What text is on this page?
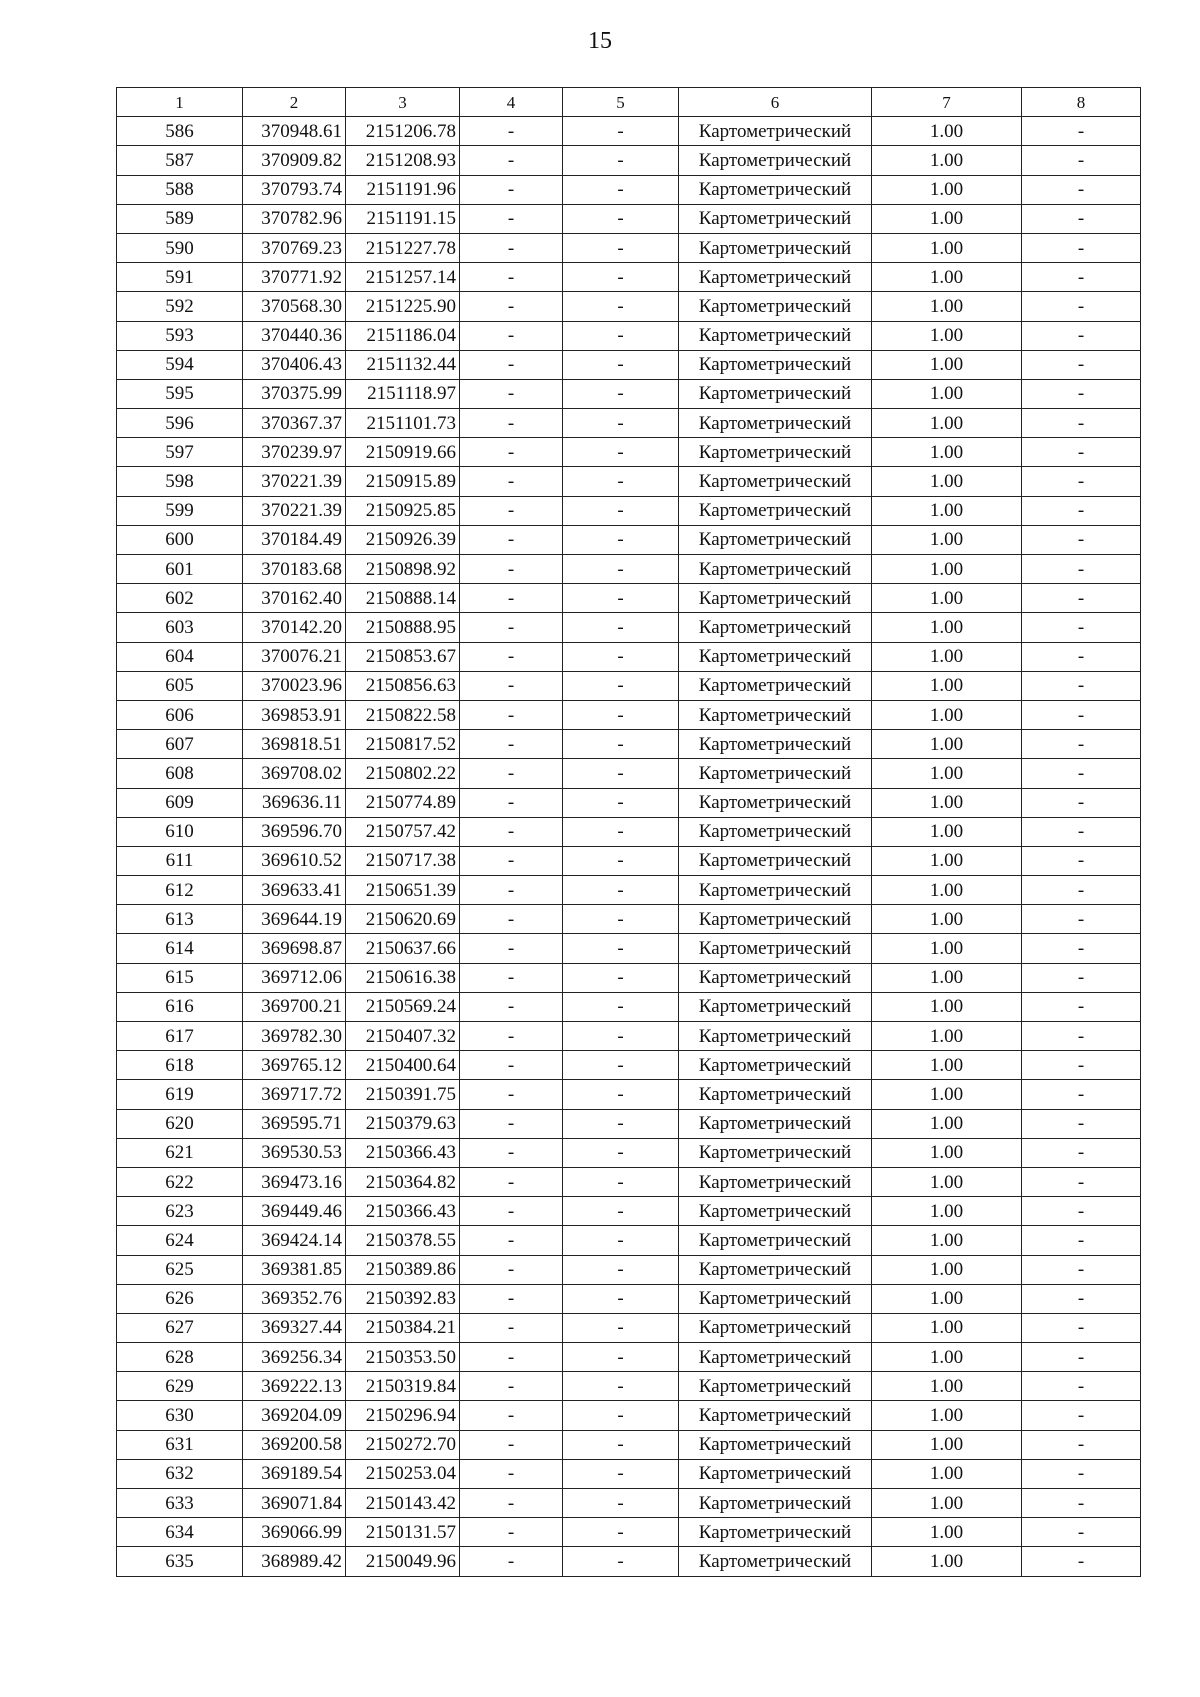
15
1	2	3	4	5	6	7	8
586	370948.61	2151206.78	-	-	Картометрический	1.00	-
587	370909.82	2151208.93	-	-	Картометрический	1.00	-
588	370793.74	2151191.96	-	-	Картометрический	1.00	-
589	370782.96	2151191.15	-	-	Картометрический	1.00	-
590	370769.23	2151227.78	-	-	Картометрический	1.00	-
591	370771.92	2151257.14	-	-	Картометрический	1.00	-
592	370568.30	2151225.90	-	-	Картометрический	1.00	-
593	370440.36	2151186.04	-	-	Картометрический	1.00	-
594	370406.43	2151132.44	-	-	Картометрический	1.00	-
595	370375.99	2151118.97	-	-	Картометрический	1.00	-
596	370367.37	2151101.73	-	-	Картометрический	1.00	-
597	370239.97	2150919.66	-	-	Картометрический	1.00	-
598	370221.39	2150915.89	-	-	Картометрический	1.00	-
599	370221.39	2150925.85	-	-	Картометрический	1.00	-
600	370184.49	2150926.39	-	-	Картометрический	1.00	-
601	370183.68	2150898.92	-	-	Картометрический	1.00	-
602	370162.40	2150888.14	-	-	Картометрический	1.00	-
603	370142.20	2150888.95	-	-	Картометрический	1.00	-
604	370076.21	2150853.67	-	-	Картометрический	1.00	-
605	370023.96	2150856.63	-	-	Картометрический	1.00	-
606	369853.91	2150822.58	-	-	Картометрический	1.00	-
607	369818.51	2150817.52	-	-	Картометрический	1.00	-
608	369708.02	2150802.22	-	-	Картометрический	1.00	-
609	369636.11	2150774.89	-	-	Картометрический	1.00	-
610	369596.70	2150757.42	-	-	Картометрический	1.00	-
611	369610.52	2150717.38	-	-	Картометрический	1.00	-
612	369633.41	2150651.39	-	-	Картометрический	1.00	-
613	369644.19	2150620.69	-	-	Картометрический	1.00	-
614	369698.87	2150637.66	-	-	Картометрический	1.00	-
615	369712.06	2150616.38	-	-	Картометрический	1.00	-
616	369700.21	2150569.24	-	-	Картометрический	1.00	-
617	369782.30	2150407.32	-	-	Картометрический	1.00	-
618	369765.12	2150400.64	-	-	Картометрический	1.00	-
619	369717.72	2150391.75	-	-	Картометрический	1.00	-
620	369595.71	2150379.63	-	-	Картометрический	1.00	-
621	369530.53	2150366.43	-	-	Картометрический	1.00	-
622	369473.16	2150364.82	-	-	Картометрический	1.00	-
623	369449.46	2150366.43	-	-	Картометрический	1.00	-
624	369424.14	2150378.55	-	-	Картометрический	1.00	-
625	369381.85	2150389.86	-	-	Картометрический	1.00	-
626	369352.76	2150392.83	-	-	Картометрический	1.00	-
627	369327.44	2150384.21	-	-	Картометрический	1.00	-
628	369256.34	2150353.50	-	-	Картометрический	1.00	-
629	369222.13	2150319.84	-	-	Картометрический	1.00	-
630	369204.09	2150296.94	-	-	Картометрический	1.00	-
631	369200.58	2150272.70	-	-	Картометрический	1.00	-
632	369189.54	2150253.04	-	-	Картометрический	1.00	-
633	369071.84	2150143.42	-	-	Картометрический	1.00	-
634	369066.99	2150131.57	-	-	Картометрический	1.00	-
635	368989.42	2150049.96	-	-	Картометрический	1.00	-
